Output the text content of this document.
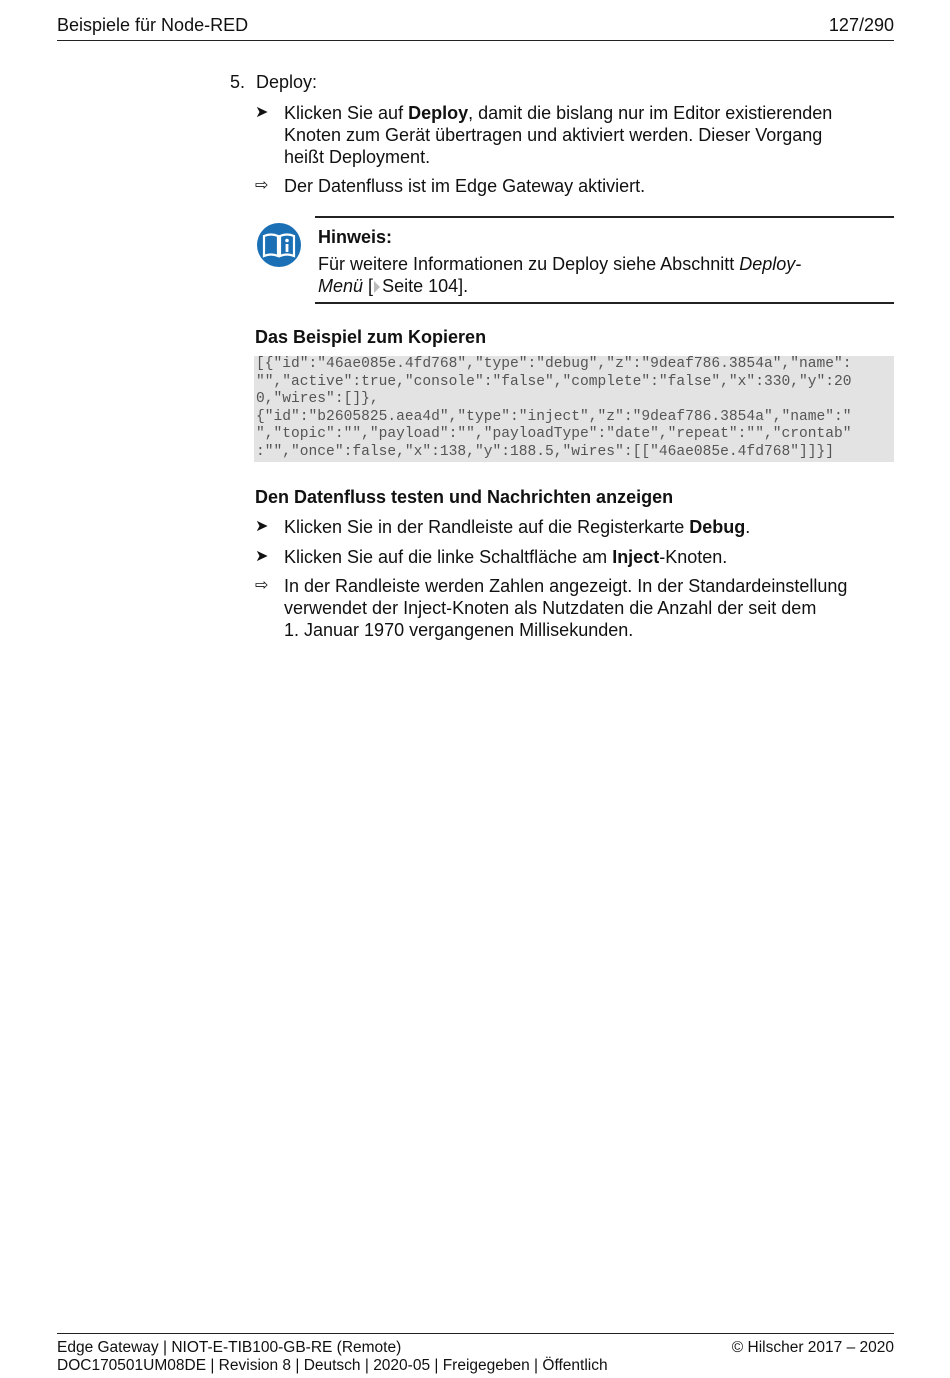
Beispiele für Node-RED	127/290
5. Deploy:
➤ Klicken Sie auf Deploy, damit die bislang nur im Editor existierenden
Knoten zum Gerät übertragen und aktiviert werden. Dieser Vorgang
heißt Deployment.
⇨ Der Datenfluss ist im Edge Gateway aktiviert.
Hinweis:
Für weitere Informationen zu Deploy siehe Abschnitt Deploy-
Menü [ Seite 104].
Das Beispiel zum Kopieren
[{"id":"46ae085e.4fd768","type":"debug","z":"9deaf786.3854a","name":
"","active":true,"console":"false","complete":"false","x":330,"y":20
0,"wires":[]},
{"id":"b2605825.aea4d","type":"inject","z":"9deaf786.3854a","name":"
","topic":"","payload":"","payloadType":"date","repeat":"","crontab"
:"","once":false,"x":138,"y":188.5,"wires":[["46ae085e.4fd768"]]}]
Den Datenfluss testen und Nachrichten anzeigen
➤ Klicken Sie in der Randleiste auf die Registerkarte Debug.
➤ Klicken Sie auf die linke Schaltfläche am Inject-Knoten.
⇨ In der Randleiste werden Zahlen angezeigt. In der Standardeinstellung
verwendet der Inject-Knoten als Nutzdaten die Anzahl der seit dem
1. Januar 1970 vergangenen Millisekunden.
Edge Gateway | NIOT-E-TIB100-GB-RE (Remote)	© Hilscher 2017 – 2020
DOC170501UM08DE | Revision 8 | Deutsch | 2020-05 | Freigegeben | Öffentlich
